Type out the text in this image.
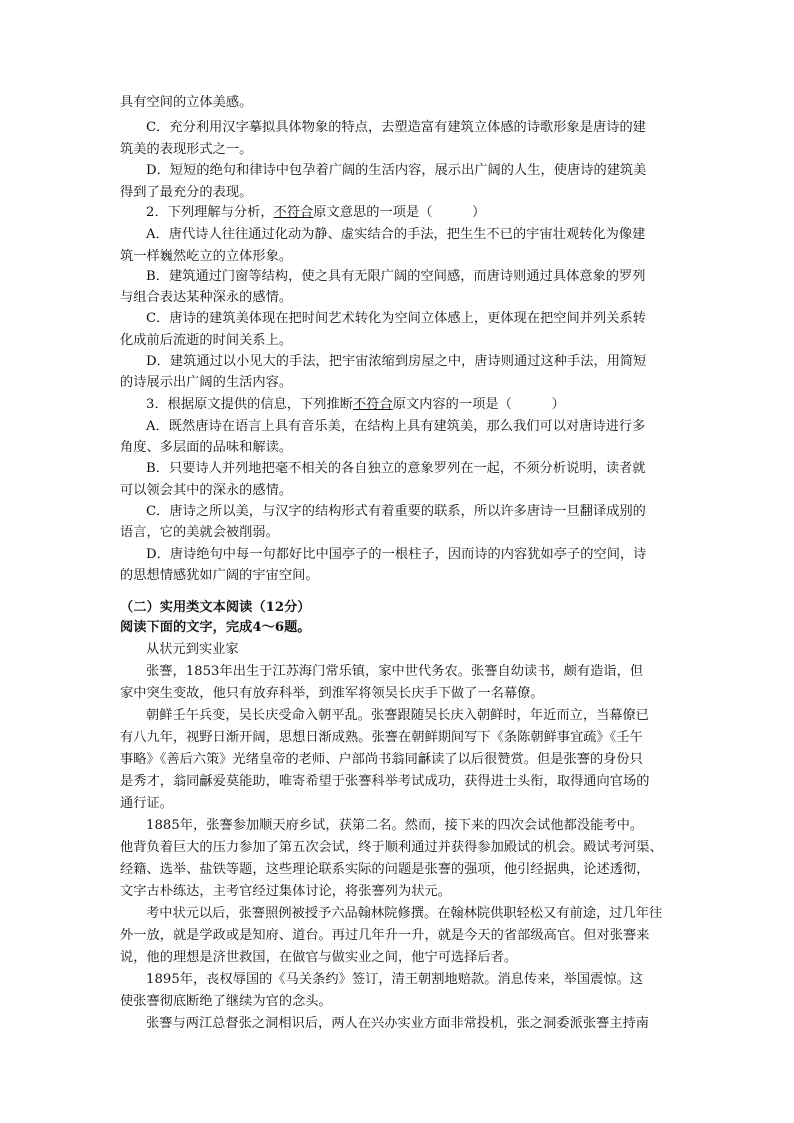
具有空间的立体美感。
C．充分利用汉字摹拟具体物象的特点，去塑造富有建筑立体感的诗歌形象是唐诗的建
筑美的表现形式之一。
D．短短的绝句和律诗中包孕着广阔的生活内容，展示出广阔的人生，使唐诗的建筑美
得到了最充分的表现。
2．下列理解与分析，不符合原文意思的一项是（　　　）
A．唐代诗人往往通过化动为静、虚实结合的手法，把生生不已的宇宙壮观转化为像建
筑一样巍然屹立的立体形象。
B．建筑通过门窗等结构，使之具有无限广阔的空间感，而唐诗则通过具体意象的罗列
与组合表达某种深永的感情。
C．唐诗的建筑美体现在把时间艺术转化为空间立体感上，更体现在把空间并列关系转
化成前后流逝的时间关系上。
D．建筑通过以小见大的手法，把宇宙浓缩到房屋之中，唐诗则通过这种手法，用简短
的诗展示出广阔的生活内容。
3．根据原文提供的信息，下列推断不符合原文内容的一项是（　　　）
A．既然唐诗在语言上具有音乐美，在结构上具有建筑美，那么我们可以对唐诗进行多
角度、多层面的品味和解读。
B．只要诗人并列地把毫不相关的各自独立的意象罗列在一起，不须分析说明，读者就
可以领会其中的深永的感情。
C．唐诗之所以美，与汉字的结构形式有着重要的联系，所以许多唐诗一旦翻译成别的
语言，它的美就会被削弱。
D．唐诗绝句中每一句都好比中国亭子的一根柱子，因而诗的内容犹如亭子的空间，诗
的思想情感犹如广阔的宇宙空间。
（二）实用类文本阅读（12分）
阅读下面的文字，完成4～6题。
从状元到实业家
张謇，1853年出生于江苏海门常乐镇，家中世代务农。张謇自幼读书，颇有造诣，但
家中突生变故，他只有放弃科举，到淮军将领吴长庆手下做了一名幕僚。
朝鲜壬午兵变，吴长庆受命入朝平乱。张謇跟随吴长庆入朝鲜时，年近而立，当幕僚已
有八九年，视野日渐开阔，思想日渐成熟。张謇在朝鲜期间写下《条陈朝鲜事宜疏》《壬午
事略》《善后六策》光绪皇帝的老师、户部尚书翁同龢读了以后很赞赏。但是张謇的身份只
是秀才，翁同龢爱莫能助，唯寄希望于张謇科举考试成功，获得进士头衔，取得通向官场的
通行证。
1885年，张謇参加顺天府乡试，获第二名。然而，接下来的四次会试他都没能考中。
他背负着巨大的压力参加了第五次会试，终于顺利通过并获得参加殿试的机会。殿试考河渠、
经籍、选举、盐铁等题，这些理论联系实际的问题是张謇的强项，他引经据典，论述透彻，
文字古朴练达，主考官经过集体讨论，将张謇列为状元。
考中状元以后，张謇照例被授予六品翰林院修撰。在翰林院供职轻松又有前途，过几年往
外一放，就是学政或是知府、道台。再过几年升一升，就是今天的省部级高官。但对张謇来
说，他的理想是济世救国，在做官与做实业之间，他宁可选择后者。
1895年，丧权辱国的《马关条约》签订，清王朝割地赔款。消息传来，举国震惊。这
使张謇彻底断绝了继续为官的念头。
张謇与两江总督张之洞相识后，两人在兴办实业方面非常投机，张之洞委派张謇主持南
